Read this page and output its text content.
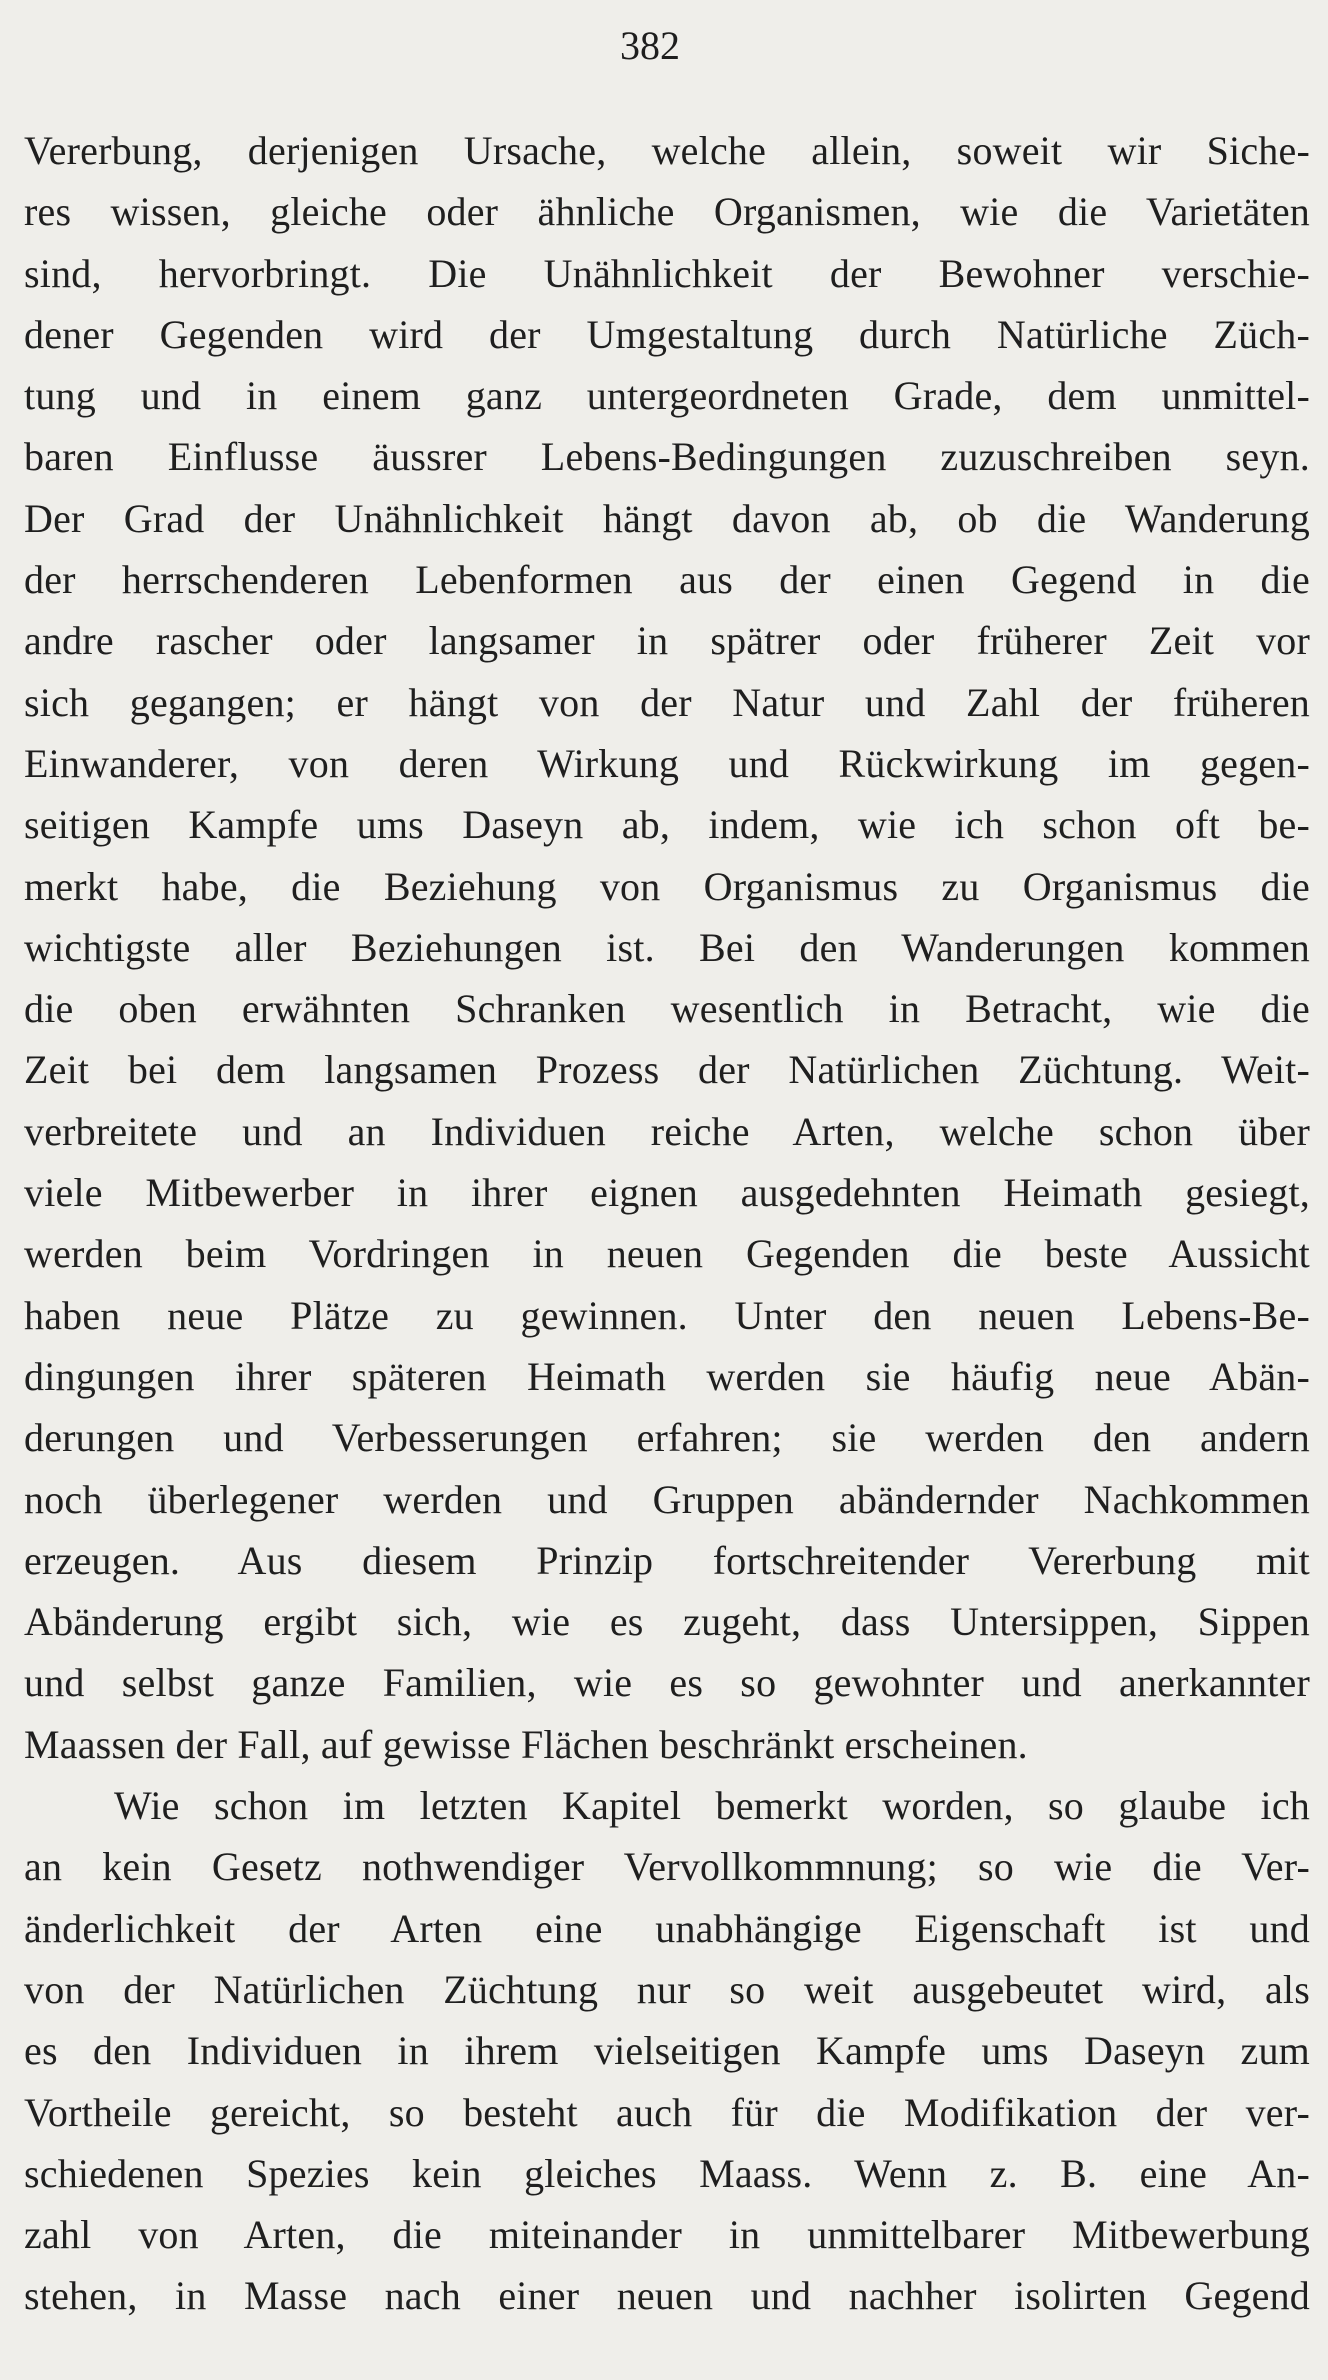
382
Vererbung, derjenigen Ursache, welche allein, soweit wir Siche-
res wissen, gleiche oder ähnliche Organismen, wie die Varietäten
sind, hervorbringt. Die Unähnlichkeit der Bewohner verschie-
dener Gegenden wird der Umgestaltung durch Natürliche Züch-
tung und in einem ganz untergeordneten Grade, dem unmittel-
baren Einflusse äussrer Lebens-Bedingungen zuzuschreiben seyn.
Der Grad der Unähnlichkeit hängt davon ab, ob die Wanderung
der herrschenderen Lebenformen aus der einen Gegend in die
andre rascher oder langsamer in spätrer oder früherer Zeit vor
sich gegangen; er hängt von der Natur und Zahl der früheren
Einwanderer, von deren Wirkung und Rückwirkung im gegen-
seitigen Kampfe ums Daseyn ab, indem, wie ich schon oft be-
merkt habe, die Beziehung von Organismus zu Organismus die
wichtigste aller Beziehungen ist. Bei den Wanderungen kommen
die oben erwähnten Schranken wesentlich in Betracht, wie die
Zeit bei dem langsamen Prozess der Natürlichen Züchtung. Weit-
verbreitete und an Individuen reiche Arten, welche schon über
viele Mitbewerber in ihrer eignen ausgedehnten Heimath gesiegt,
werden beim Vordringen in neuen Gegenden die beste Aussicht
haben neue Plätze zu gewinnen. Unter den neuen Lebens-Be-
dingungen ihrer späteren Heimath werden sie häufig neue Abän-
derungen und Verbesserungen erfahren; sie werden den andern
noch überlegener werden und Gruppen abändernder Nachkommen
erzeugen. Aus diesem Prinzip fortschreitender Vererbung mit
Abänderung ergibt sich, wie es zugeht, dass Untersippen, Sippen
und selbst ganze Familien, wie es so gewohnter und anerkannter
Maassen der Fall, auf gewisse Flächen beschränkt erscheinen.
Wie schon im letzten Kapitel bemerkt worden, so glaube ich
an kein Gesetz nothwendiger Vervollkommnung; so wie die Ver-
änderlichkeit der Arten eine unabhängige Eigenschaft ist und
von der Natürlichen Züchtung nur so weit ausgebeutet wird, als
es den Individuen in ihrem vielseitigen Kampfe ums Daseyn zum
Vortheile gereicht, so besteht auch für die Modifikation der ver-
schiedenen Spezies kein gleiches Maass. Wenn z. B. eine An-
zahl von Arten, die miteinander in unmittelbarer Mitbewerbung
stehen, in Masse nach einer neuen und nachher isolirten Gegend
